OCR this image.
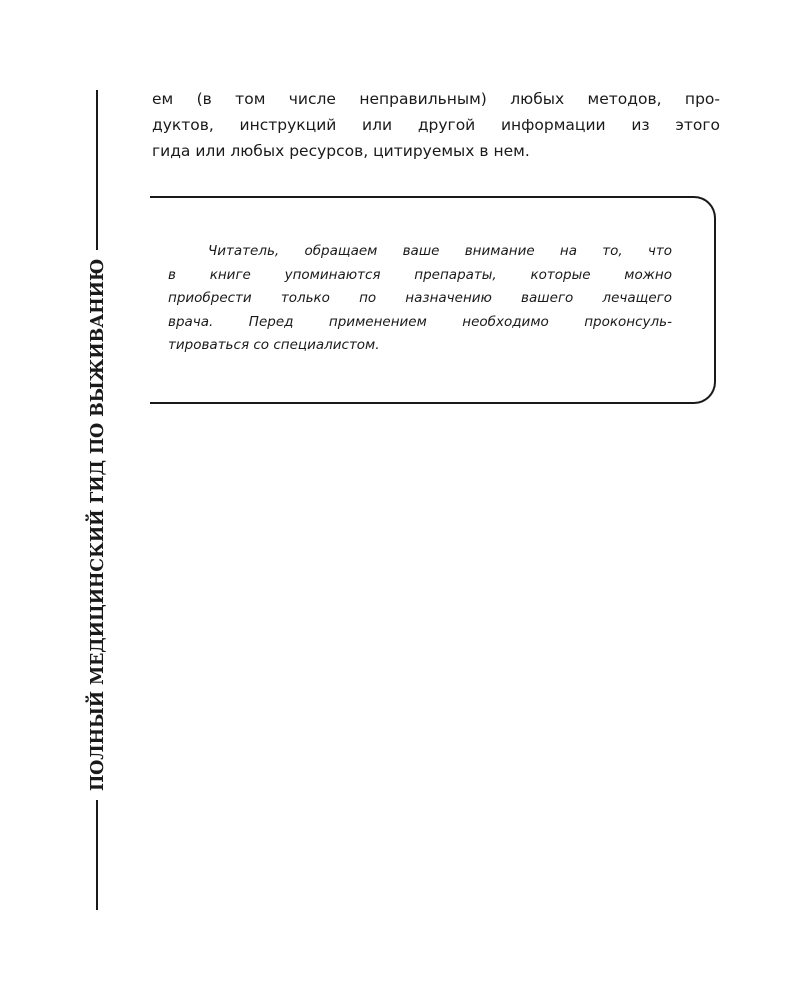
ПОЛНЫЙ МЕДИЦИНСКИЙ ГИД ПО ВЫЖИВАНИЮ
ем (в том числе неправильным) любых методов, про-
дуктов, инструкций или другой информации из этого
гида или любых ресурсов, цитируемых в нем.
Читатель, обращаем ваше внимание на то, что
в книге упоминаются препараты, которые можно
приобрести только по назначению вашего лечащего
врача. Перед применением необходимо проконсуль-
тироваться со специалистом.
